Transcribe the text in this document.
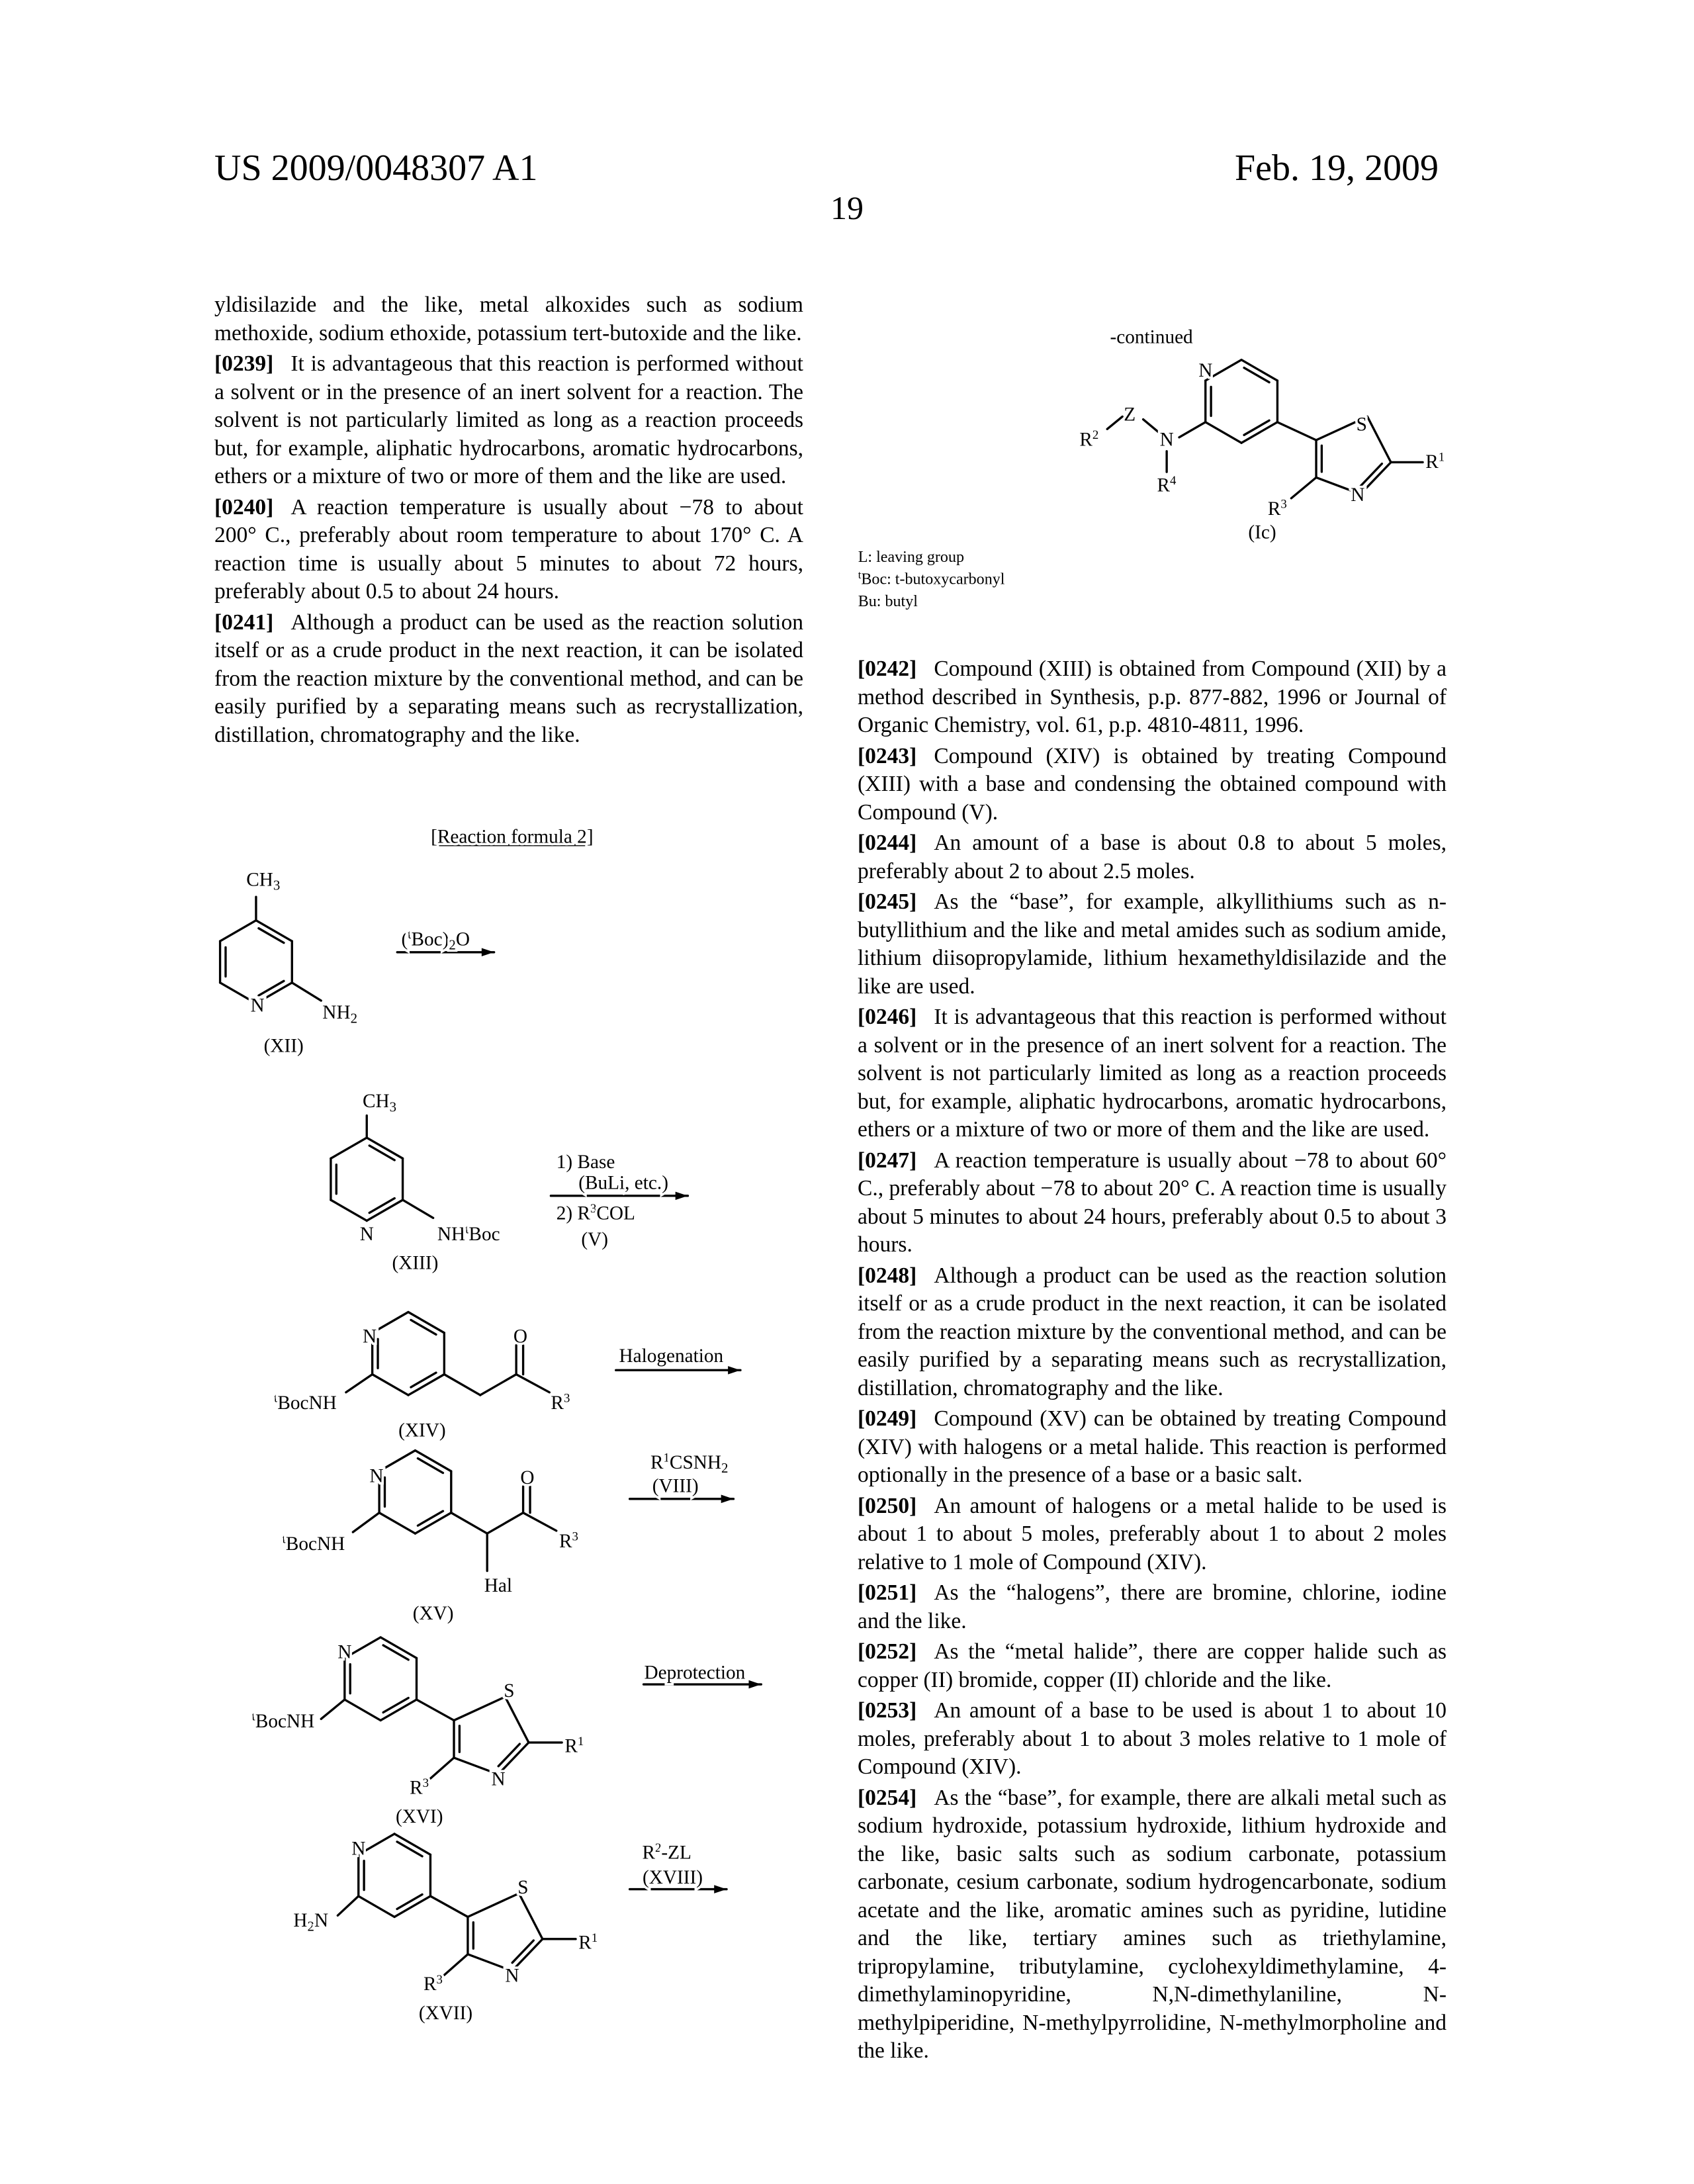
US 2009/0048307 A1	Feb. 19, 2009
19

yldisilazide and the like, metal alkoxides such as sodium methoxide, sodium ethoxide, potassium tert-butoxide and the like.

[0239] It is advantageous that this reaction is performed without a solvent or in the presence of an inert solvent for a reaction. The solvent is not particularly limited as long as a reaction proceeds but, for example, aliphatic hydrocarbons, aromatic hydrocarbons, ethers or a mixture of two or more of them and the like are used.

[0240] A reaction temperature is usually about −78 to about 200° C., preferably about room temperature to about 170° C. A reaction time is usually about 5 minutes to about 72 hours, preferably about 0.5 to about 24 hours.

[0241] Although a product can be used as the reaction solution itself or as a crude product in the next reaction, it can be isolated from the reaction mixture by the conventional method, and can be easily purified by a separating means such as recrystallization, distillation, chromatography and the like.

[0242] Compound (XIII) is obtained from Compound (XII) by a method described in Synthesis, p.p. 877-882, 1996 or Journal of Organic Chemistry, vol. 61, p.p. 4810-4811, 1996.

[0243] Compound (XIV) is obtained by treating Compound (XIII) with a base and condensing the obtained compound with Compound (V).

[0244] An amount of a base is about 0.8 to about 5 moles, preferably about 2 to about 2.5 moles.

[0245] As the “base”, for example, alkyllithiums such as n-butyllithium and the like and metal amides such as sodium amide, lithium diisopropylamide, lithium hexamethyldisilazide and the like are used.

[0246] It is advantageous that this reaction is performed without a solvent or in the presence of an inert solvent for a reaction. The solvent is not particularly limited as long as a reaction proceeds but, for example, aliphatic hydrocarbons, aromatic hydrocarbons, ethers or a mixture of two or more of them and the like are used.

[0247] A reaction temperature is usually about −78 to about 60° C., preferably about −78 to about 20° C. A reaction time is usually about 5 minutes to about 24 hours, preferably about 0.5 to about 3 hours.

[0248] Although a product can be used as the reaction solution itself or as a crude product in the next reaction, it can be isolated from the reaction mixture by the conventional method, and can be easily purified by a separating means such as recrystallization, distillation, chromatography and the like.

[0249] Compound (XV) can be obtained by treating Compound (XIV) with halogens or a metal halide. This reaction is performed optionally in the presence of a base or a basic salt.

[0250] An amount of halogens or a metal halide to be used is about 1 to about 5 moles, preferably about 1 to about 2 moles relative to 1 mole of Compound (XIV).

[0251] As the “halogens”, there are bromine, chlorine, iodine and the like.

[0252] As the “metal halide”, there are copper halide such as copper (II) bromide, copper (II) chloride and the like.

[0253] An amount of a base to be used is about 1 to about 10 moles, preferably about 1 to about 3 moles relative to 1 mole of Compound (XIV).

[0254] As the “base”, for example, there are alkali metal such as sodium hydroxide, potassium hydroxide, lithium hydroxide and the like, basic salts such as sodium carbonate, potassium carbonate, cesium carbonate, sodium hydrogencarbonate, sodium acetate and the like, aromatic amines such as pyridine, lutidine and the like, tertiary amines such as triethylamine, tripropylamine, tributylamine, cyclohexyldimethylamine, 4-dimethylaminopyridine, N,N-dimethylaniline, N-methylpiperidine, N-methylpyrrolidine, N-methylmorpholine and the like.

[Reaction formula 2]
-continued
CH3
N	NH2
(XII)
(tBoc)2O
CH3
N	NHtBoc
(XIII)
1) Base
(BuLi, etc.)
2) R3COL
(V)
N
tBocNH
O
R3
(XIV)
Halogenation
N
tBocNH
O
R3
Hal
(XV)
R1CSNH2
(VIII)
N
tBocNH
S
N
R1
R3
(XVI)
Deprotection
N
H2N
S
N
R1
R3
(XVII)
R2-ZL
(XVIII)
N
N
Z
R2
R4
S
N
R1
R3
(Ic)
L: leaving group
tBoc: t-butoxycarbonyl
Bu: butyl
